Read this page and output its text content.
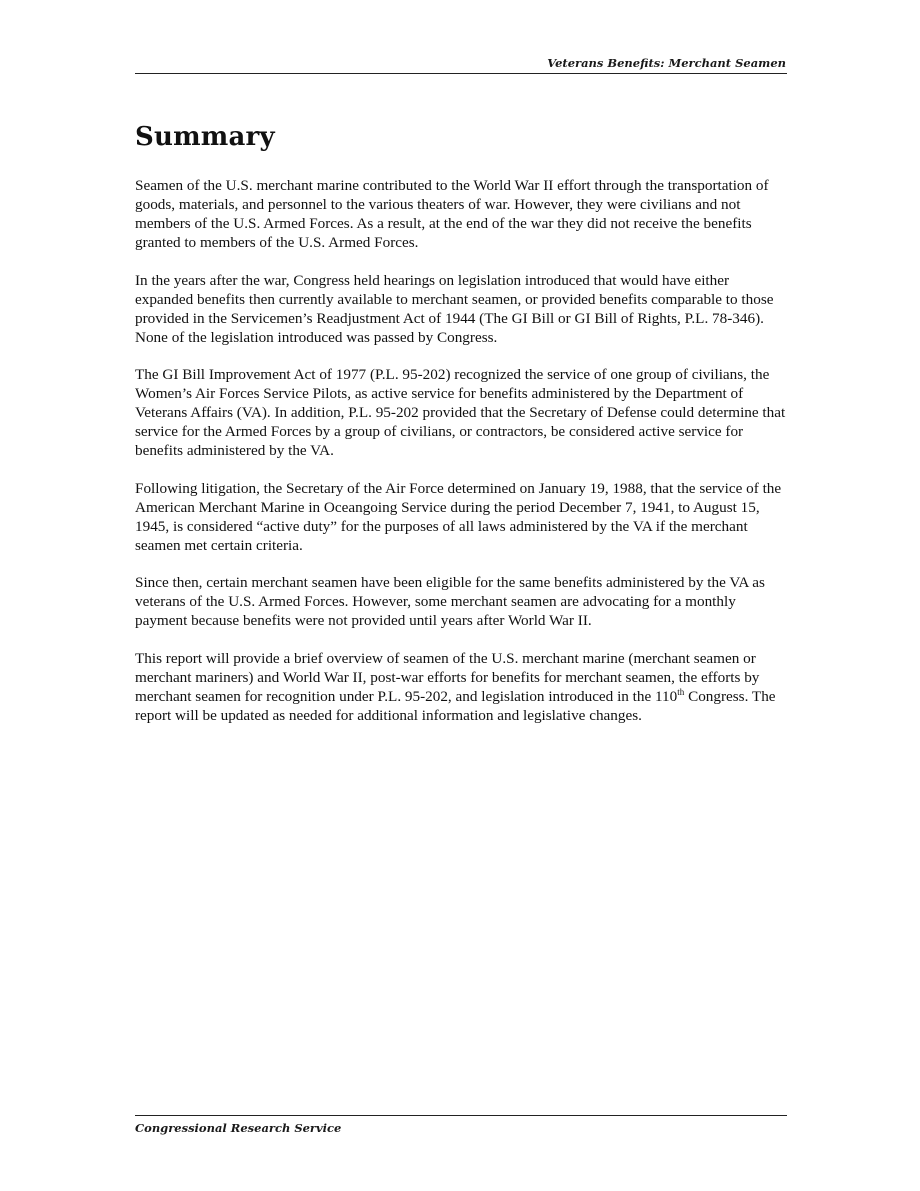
Veterans Benefits: Merchant Seamen
Summary

Seamen of the U.S. merchant marine contributed to the World War II effort through the transportation of goods, materials, and personnel to the various theaters of war. However, they were civilians and not members of the U.S. Armed Forces. As a result, at the end of the war they did not receive the benefits granted to members of the U.S. Armed Forces.

In the years after the war, Congress held hearings on legislation introduced that would have either expanded benefits then currently available to merchant seamen, or provided benefits comparable to those provided in the Servicemen’s Readjustment Act of 1944 (The GI Bill or GI Bill of Rights, P.L. 78-346). None of the legislation introduced was passed by Congress.

The GI Bill Improvement Act of 1977 (P.L. 95-202) recognized the service of one group of civilians, the Women’s Air Forces Service Pilots, as active service for benefits administered by the Department of Veterans Affairs (VA). In addition, P.L. 95-202 provided that the Secretary of Defense could determine that service for the Armed Forces by a group of civilians, or contractors, be considered active service for benefits administered by the VA.

Following litigation, the Secretary of the Air Force determined on January 19, 1988, that the service of the American Merchant Marine in Oceangoing Service during the period December 7, 1941, to August 15, 1945, is considered “active duty” for the purposes of all laws administered by the VA if the merchant seamen met certain criteria.

Since then, certain merchant seamen have been eligible for the same benefits administered by the VA as veterans of the U.S. Armed Forces. However, some merchant seamen are advocating for a monthly payment because benefits were not provided until years after World War II.

This report will provide a brief overview of seamen of the U.S. merchant marine (merchant seamen or merchant mariners) and World War II, post-war efforts for benefits for merchant seamen, the efforts by merchant seamen for recognition under P.L. 95-202, and legislation introduced in the 110th Congress. The report will be updated as needed for additional information and legislative changes.

Congressional Research Service
